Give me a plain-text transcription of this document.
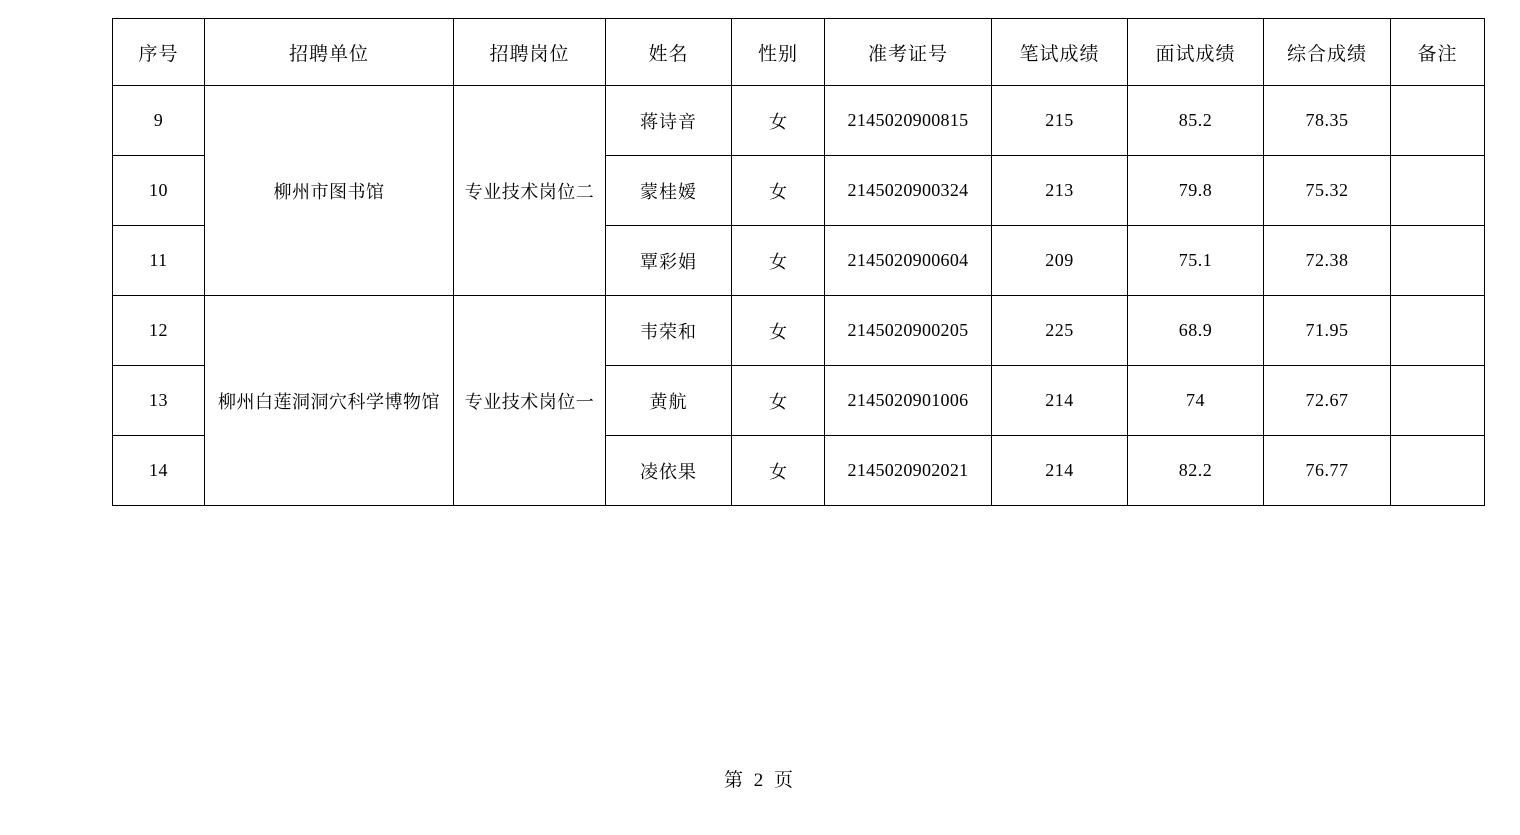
序号	招聘单位	招聘岗位	姓名	性别	准考证号	笔试成绩	面试成绩	综合成绩	备注
9	柳州市图书馆	专业技术岗位二	蒋诗音	女	2145020900815	215	85.2	78.35	
10			蒙桂嫒	女	2145020900324	213	79.8	75.32	
11			覃彩娟	女	2145020900604	209	75.1	72.38	
12	柳州白莲洞洞穴科学博物馆	专业技术岗位一	韦荣和	女	2145020900205	225	68.9	71.95	
13			黄航	女	2145020901006	214	74	72.67	
14			凌依果	女	2145020902021	214	82.2	76.77	
第 2 页
